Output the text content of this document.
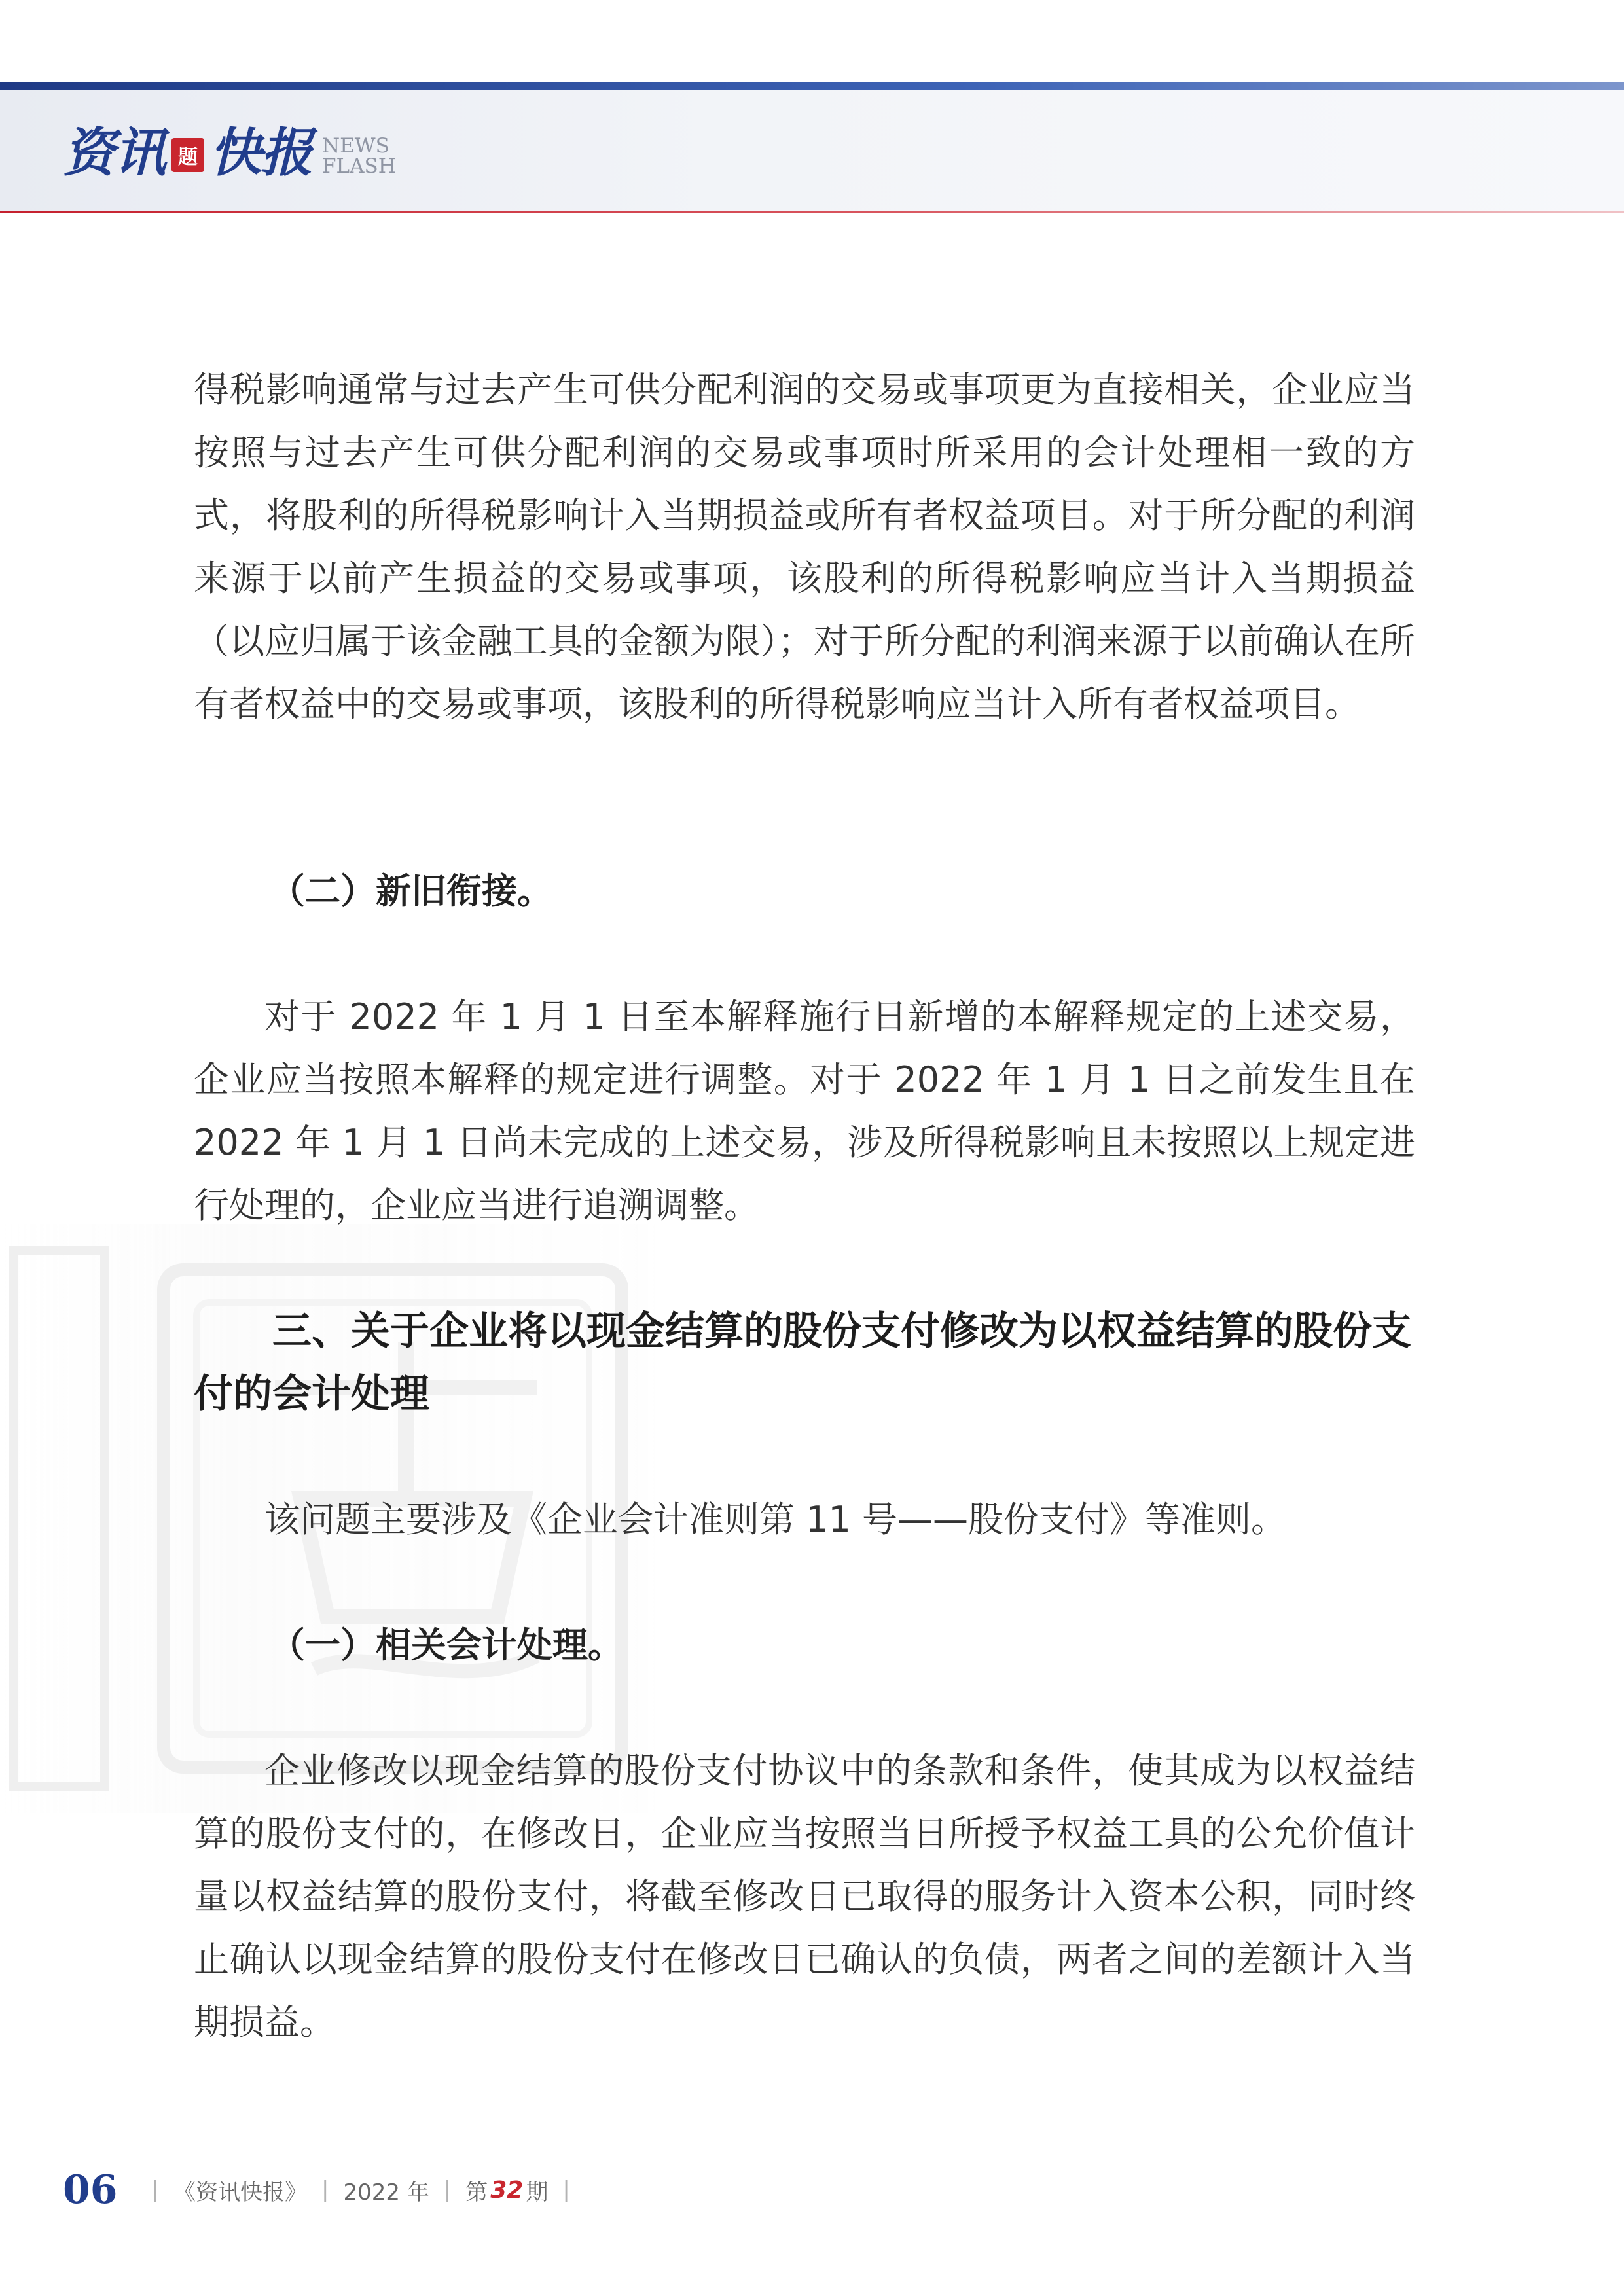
资讯 题 快报 NEWS
FLASH

得税影响通常与过去产生可供分配利润的交易或事项更为直接相关，企业应当按照与过去产生可供分配利润的交易或事项时所采用的会计处理相一致的方式，将股利的所得税影响计入当期损益或所有者权益项目。对于所分配的利润来源于以前产生损益的交易或事项，该股利的所得税影响应当计入当期损益（以应归属于该金融工具的金额为限）；对于所分配的利润来源于以前确认在所有者权益中的交易或事项，该股利的所得税影响应当计入所有者权益项目。

（二）新旧衔接。

对于 2022 年 1 月 1 日至本解释施行日新增的本解释规定的上述交易，企业应当按照本解释的规定进行调整。对于 2022 年 1 月 1 日之前发生且在 2022 年 1 月 1 日尚未完成的上述交易，涉及所得税影响且未按照以上规定进行处理的，企业应当进行追溯调整。

三、关于企业将以现金结算的股份支付修改为以权益结算的股份支付的会计处理

该问题主要涉及《企业会计准则第 11 号——股份支付》等准则。

（一）相关会计处理。

企业修改以现金结算的股份支付协议中的条款和条件，使其成为以权益结算的股份支付的，在修改日，企业应当按照当日所授予权益工具的公允价值计量以权益结算的股份支付，将截至修改日已取得的服务计入资本公积，同时终止确认以现金结算的股份支付在修改日已确认的负债，两者之间的差额计入当期损益。

06 | 《资讯快报》 | 2022 年 | 第 32 期 |
